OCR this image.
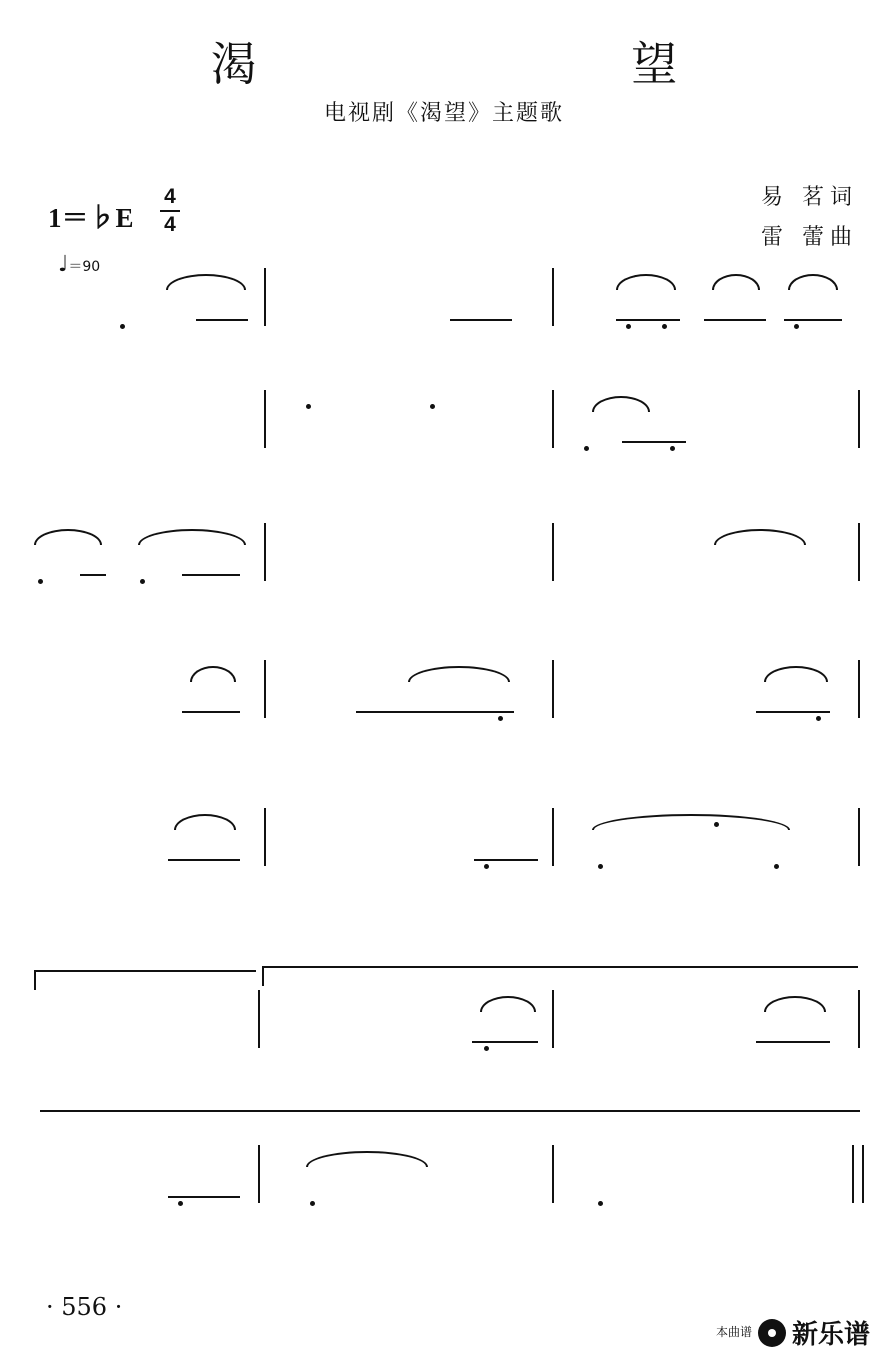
渴 望
电视剧《渴望》主题歌
1＝♭E
4
4
♩＝90
易 茗词
雷 蕾曲
· 556 ·
本曲谱 新乐谱
